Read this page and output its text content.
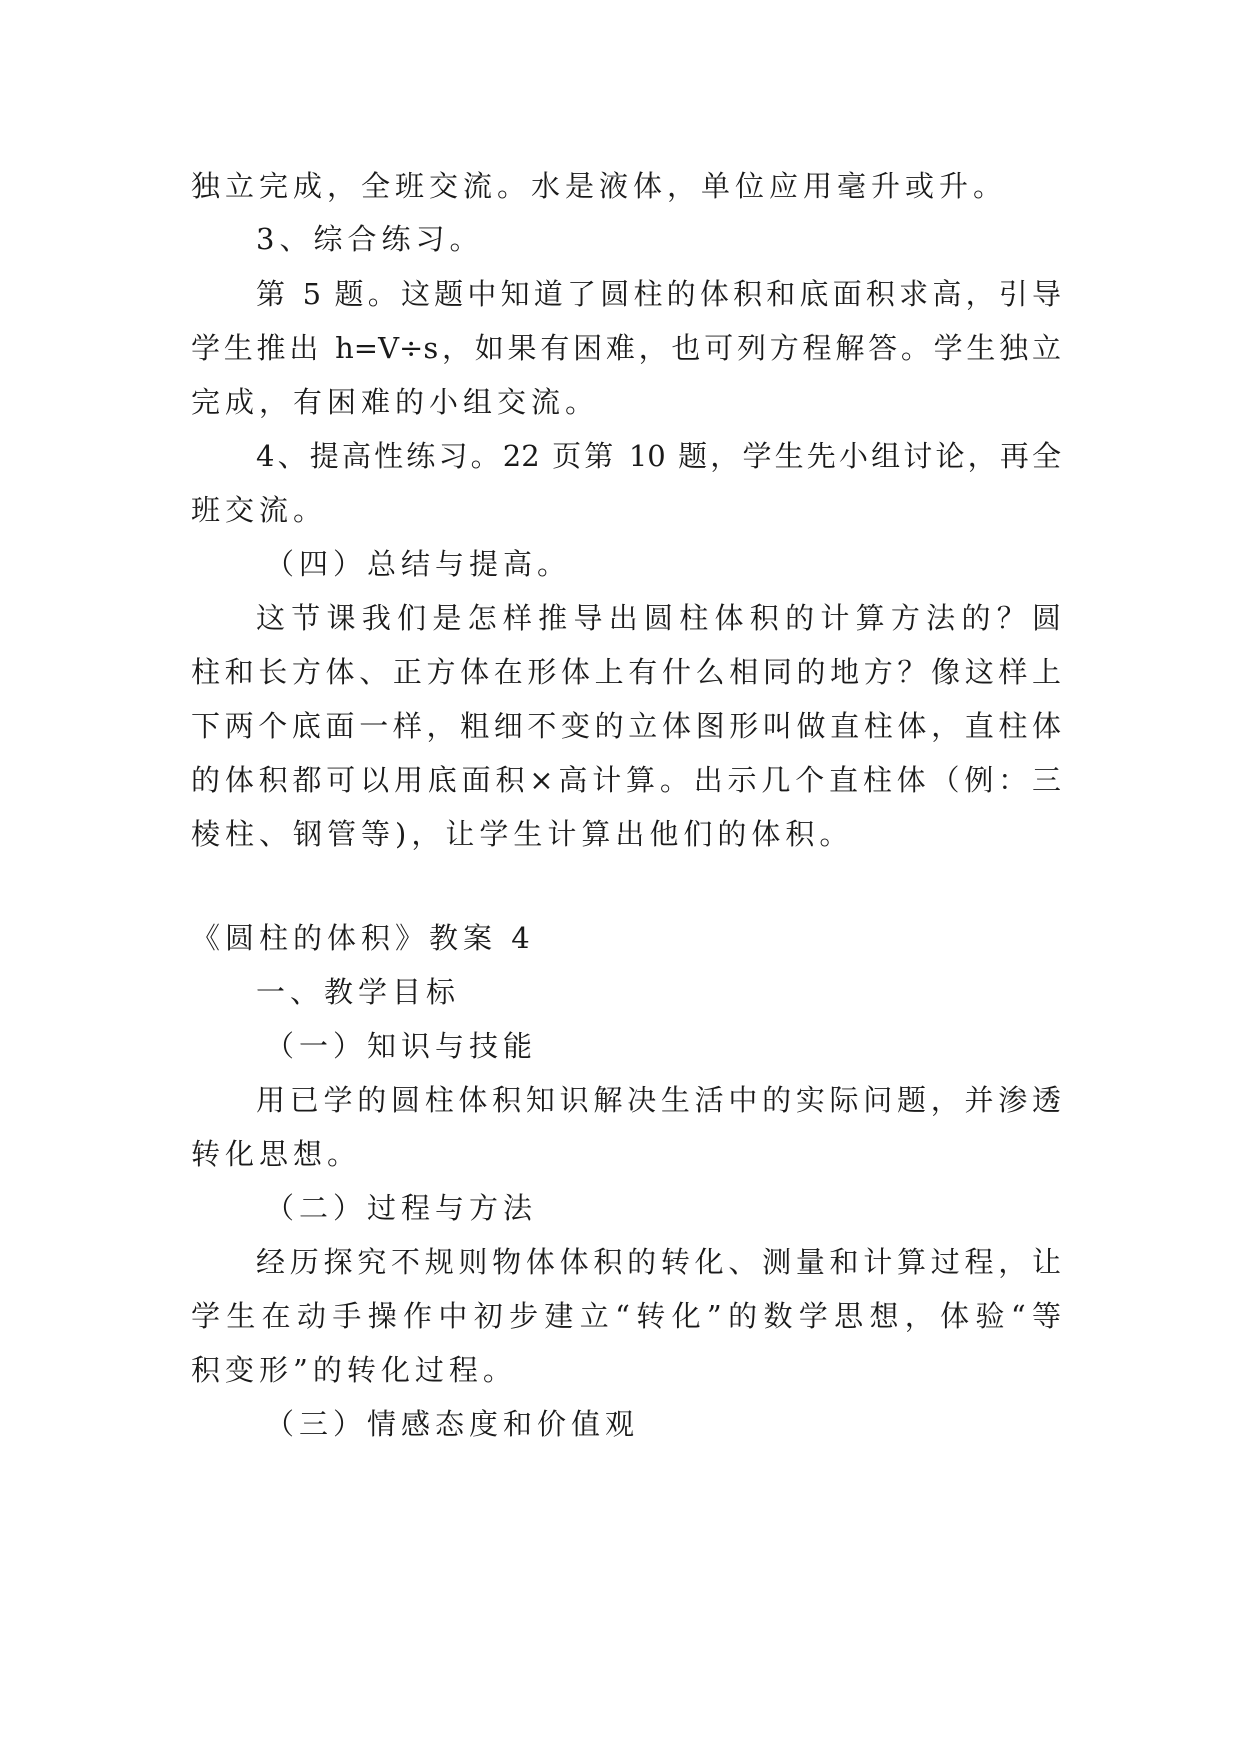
独立完成，全班交流。水是液体，单位应用毫升或升。
3、综合练习。
第 5 题。这题中知道了圆柱的体积和底面积求高，引导
学生推出 h=V÷s，如果有困难，也可列方程解答。学生独立
完成，有困难的小组交流。
4、提高性练习。22 页第 10 题，学生先小组讨论，再全
班交流。
（四）总结与提高。
这节课我们是怎样推导出圆柱体积的计算方法的？圆
柱和长方体、正方体在形体上有什么相同的地方？像这样上
下两个底面一样，粗细不变的立体图形叫做直柱体，直柱体
的体积都可以用底面积×高计算。出示几个直柱体（例：三
棱柱、钢管等)，让学生计算出他们的体积。
《圆柱的体积》教案 4
一、教学目标
（一）知识与技能
用已学的圆柱体积知识解决生活中的实际问题，并渗透
转化思想。
（二）过程与方法
经历探究不规则物体体积的转化、测量和计算过程，让
学生在动手操作中初步建立“转化”的数学思想，体验“等
积变形”的转化过程。
（三）情感态度和价值观
